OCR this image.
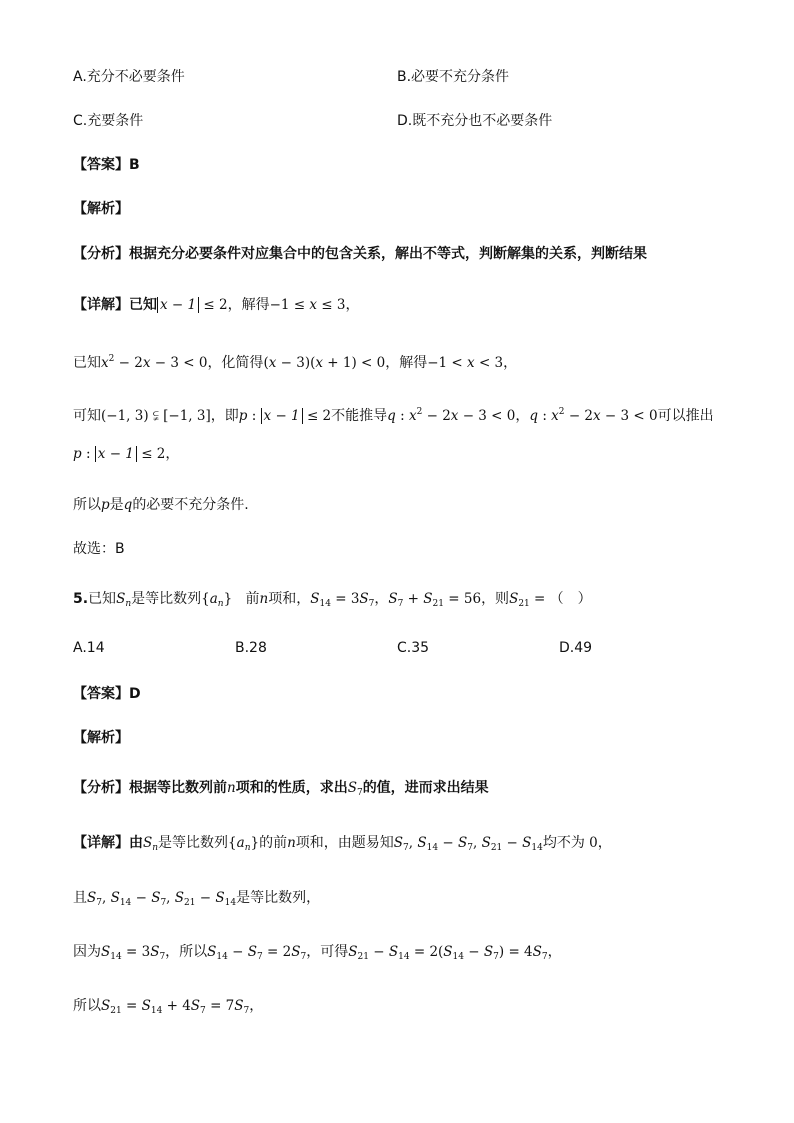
A.充分不必要条件	B.必要不充分条件
C.充要条件	D.既不充分也不必要条件
【答案】B
【解析】
【分析】根据充分必要条件对应集合中的包含关系，解出不等式，判断解集的关系，判断结果
【详解】已知 x − 1 ≤ 2，解得−1 ≤ x ≤ 3，
已知$x^2 - 2x - 3 < 0$，化简得(x − 3)(x + 1) < 0，解得−1 < x < 3，
可知(−1, 3) ⫋ [−1, 3]，即p : x − 1 ≤ 2不能推导q : $x^2 - 2x - 3 < 0$，q : $x^2 - 2x - 3 < 0$可以推出
p : x − 1 ≤ 2，
所以p是q的必要不充分条件.
故选：B
5.已知$S_n$是等比数列$\{a_n\}$ 前n项和，$S_{14} = 3S_7$，$S_7 + S_{21} = 56$，则$S_{21}$ = （　）
A.14	B.28	C.35	D.49
【答案】D
【解析】
【分析】根据等比数列前n项和的性质，求出$S_7$的值，进而求出结果
【详解】由$S_n$是等比数列$\{a_n\}$的前n项和，由题易知$S_7$, $S_{14} - S_7$, $S_{21} - S_{14}$均不为 0，
且$S_7$, $S_{14} - S_7$, $S_{21} - S_{14}$是等比数列，
因为$S_{14} = 3S_7$，所以$S_{14} - S_7 = 2S_7$，可得$S_{21} - S_{14} = 2(S_{14} - S_7) = 4S_7$，
所以$S_{21} = S_{14} + 4S_7 = 7S_7$，
